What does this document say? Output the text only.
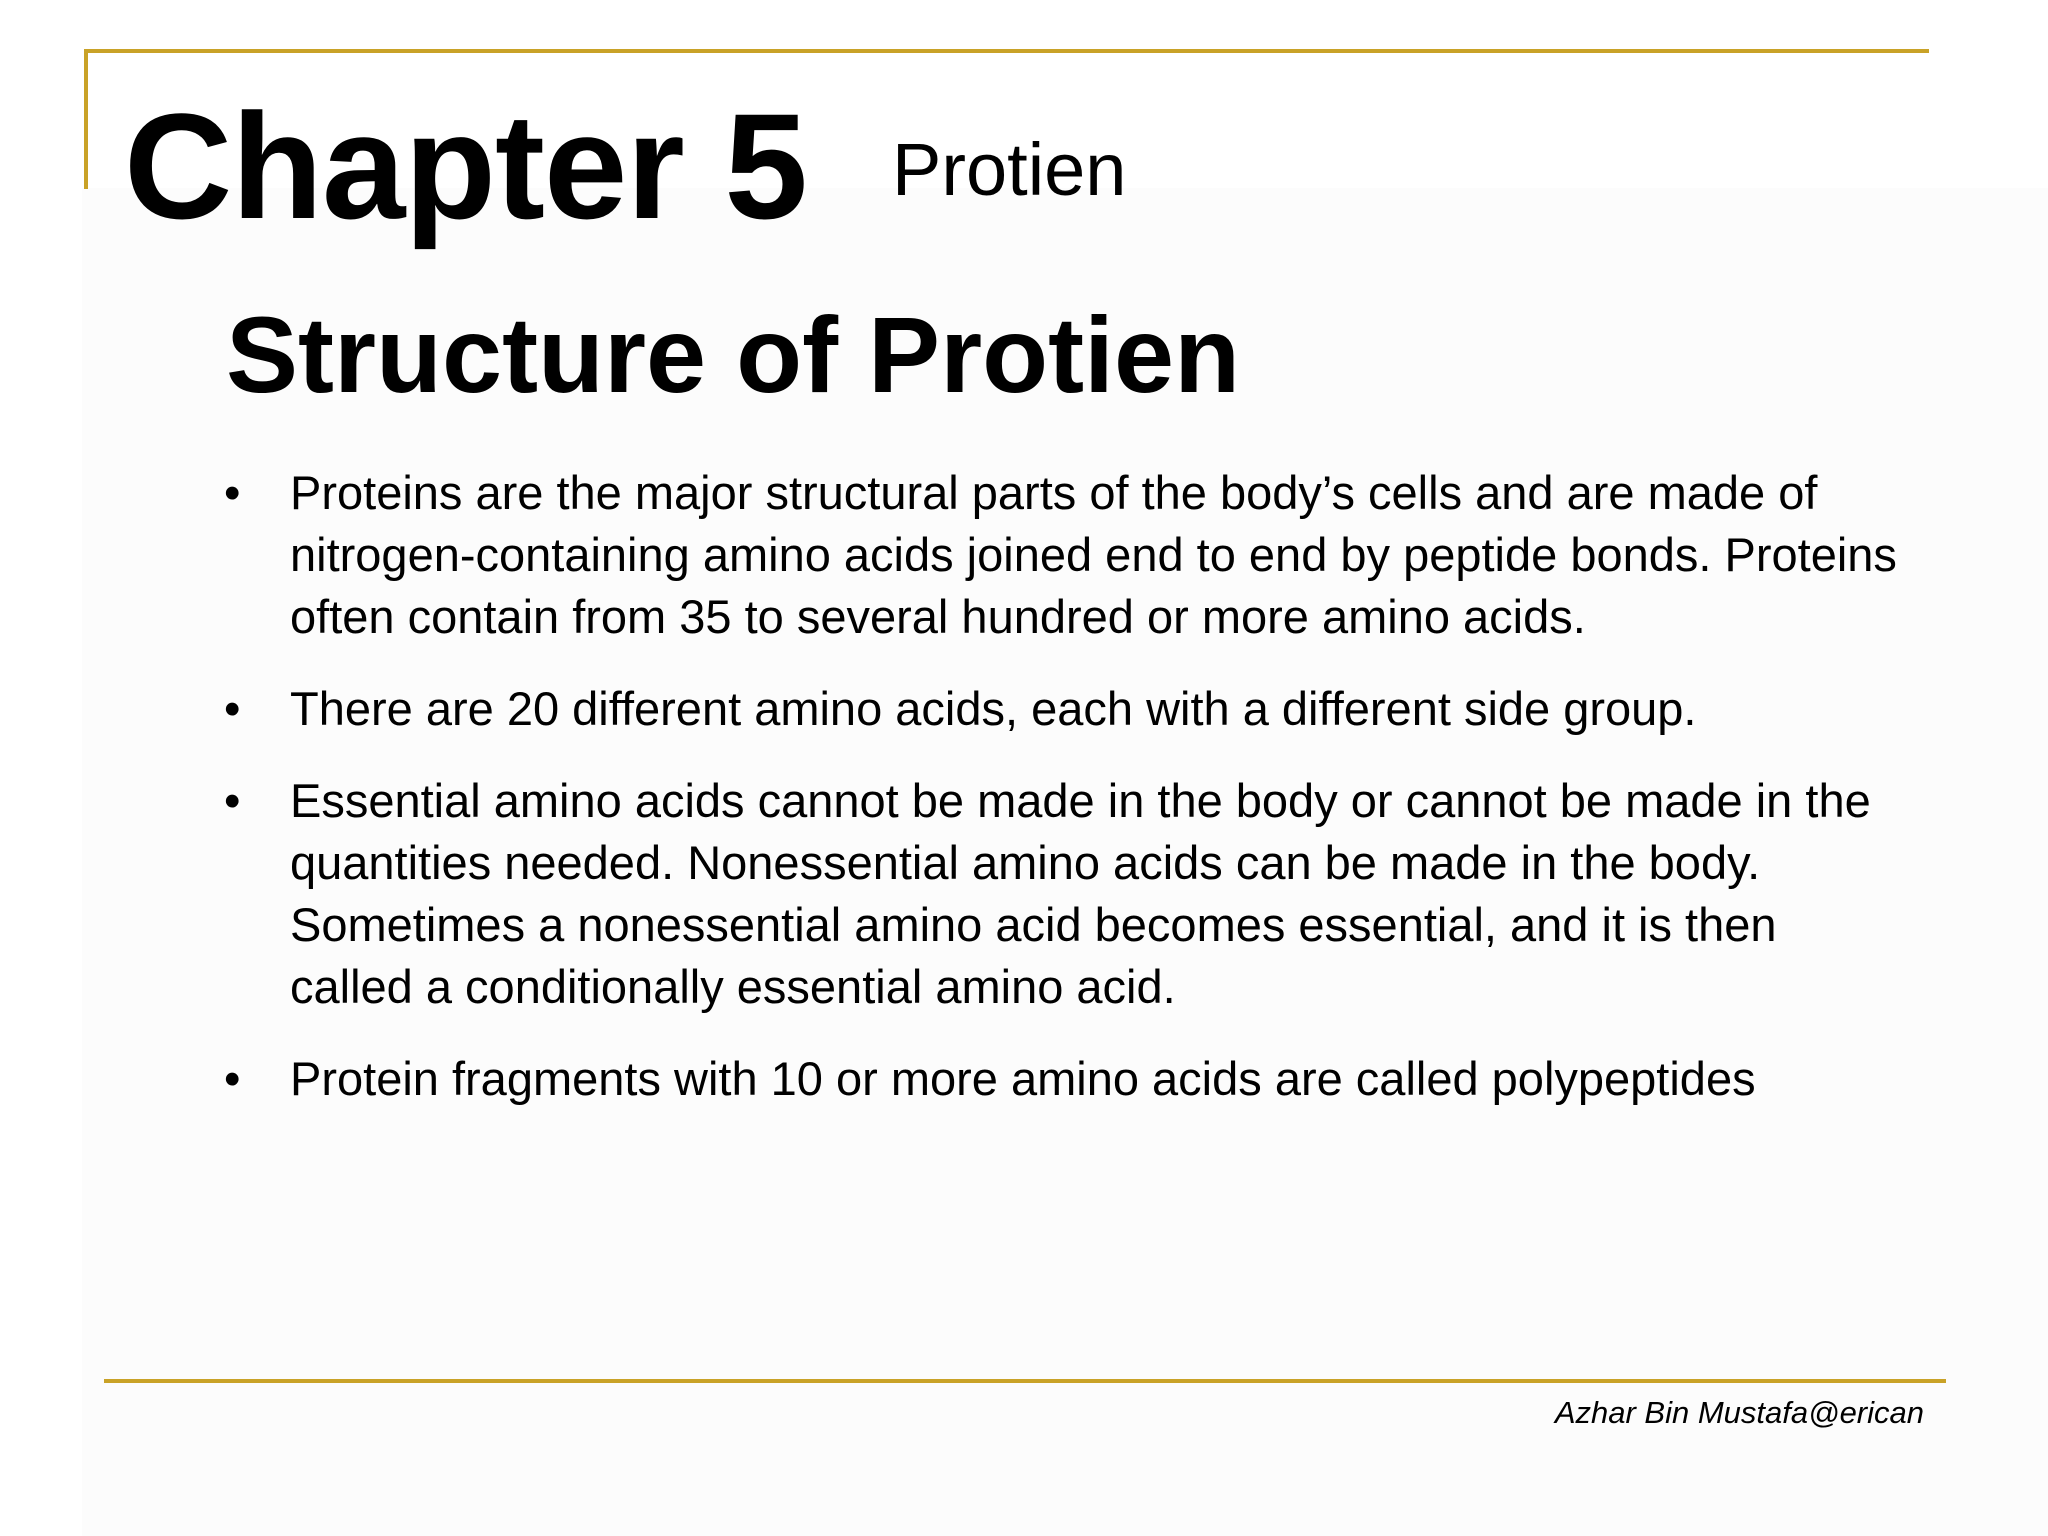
Chapter 5 Protien
Structure of Protien
•	Proteins are the major structural parts of the body’s cells and are made of nitrogen-containing amino acids joined end to end by peptide bonds. Proteins often contain from 35 to several hundred or more amino acids.
•	There are 20 different amino acids, each with a different side group.
•	Essential amino acids cannot be made in the body or cannot be made in the quantities needed. Nonessential amino acids can be made in the body. Sometimes a nonessential amino acid becomes essential, and it is then called a conditionally essential amino acid.
•	Protein fragments with 10 or more amino acids are called polypeptides
Azhar Bin Mustafa@erican
